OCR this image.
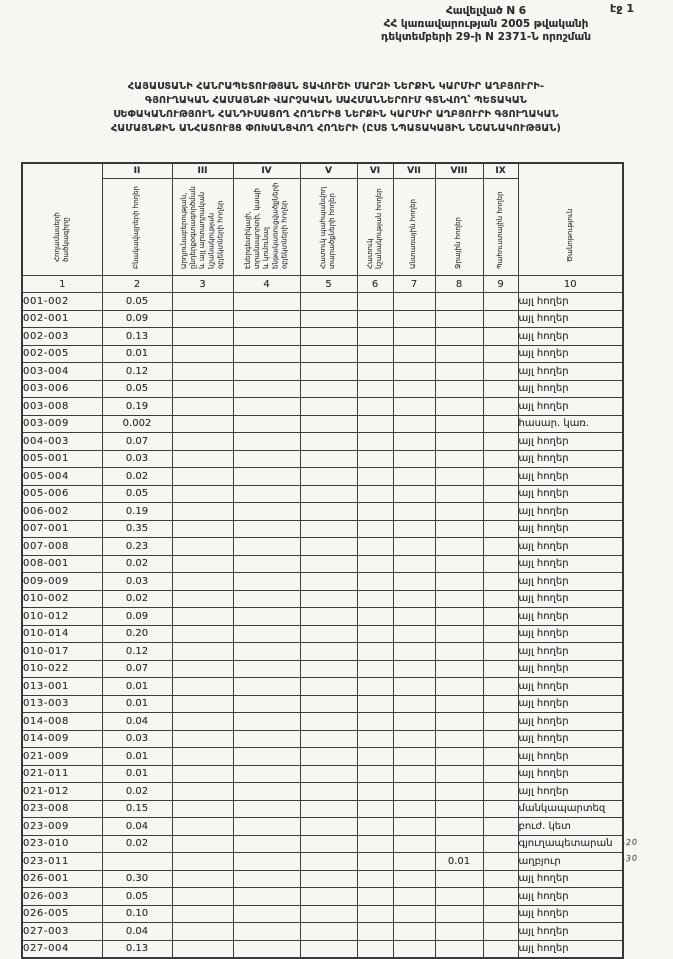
էջ 1
Հավելված N 6
ՀՀ կառավարության 2005 թվականի
դեկտեմբերի 29-ի N 2371-Ն որոշման
ՀԱՅԱՍՏԱՆԻ ՀԱՆՐԱՊԵՏՈՒԹՅԱՆ ՏԱՎՈՒՇԻ ՄԱՐԶԻ ՆԵՐՔԻՆ ԿԱՐՄԻՐ ԱՂԲՅՈՒՐԻ-
ԳՅՈՒՂԱԿԱՆ ՀԱՄԱՅՆՔԻ ՎԱՐՉԱԿԱՆ ՍԱՀՄԱՆՆԵՐՈՒՄ ԳՏՆՎՈՂ՝ ՊԵՏԱԿԱՆ
ՍԵՓԱԿԱՆՈՒԹՅՈՒՆ ՀԱՆԴԻՍԱՑՈՂ ՀՈՂԵՐԻՑ ՆԵՐՔԻՆ ԿԱՐՄԻՐ ԱՂԲՅՈՒՐԻ ԳՅՈՒՂԱԿԱՆ
ՀԱՄԱՅՆՔԻՆ ԱՆՀԱՏՈՒՅՑ ՓՈԽԱՆՑՎՈՂ ՀՈՂԵՐԻ (ԸՍՏ ՆՊԱՏԱԿԱՅԻՆ ՆՇԱՆԱԿՈՒԹՅԱՆ)
Հողամասերի ծածկագիրը	II	III	IV	V	VI	VII	VIII	IX	Ծանոթություն
	Բնակավայրերի հողեր	Արդյունաբերության, ընդերքօգտագործման և այլ արտադրական նշանակության օբյեկտների հողեր	Էներգետիկայի, տրանսպորտի, կապի և կոմունալ ենթակառուցվածքների օբյեկտների հողեր	Հատուկ պահպանվող տարածքների հողեր	Հատուկ նշանակության հողեր	Անտառային հողեր	Ջրային հողեր	Պահուստային հողեր	
1	2	3	4	5	6	7	8	9	10
001-002	0.05								այլ հողեր
002-001	0.09								այլ հողեր
002-003	0.13								այլ հողեր
002-005	0.01								այլ հողեր
003-004	0.12								այլ հողեր
003-006	0.05								այլ հողեր
003-008	0.19								այլ հողեր
003-009	0.002								հասար. կառ.
004-003	0.07								այլ հողեր
005-001	0.03								այլ հողեր
005-004	0.02								այլ հողեր
005-006	0.05								այլ հողեր
006-002	0.19								այլ հողեր
007-001	0.35								այլ հողեր
007-008	0.23								այլ հողեր
008-001	0.02								այլ հողեր
009-009	0.03								այլ հողեր
010-002	0.02								այլ հողեր
010-012	0.09								այլ հողեր
010-014	0.20								այլ հողեր
010-017	0.12								այլ հողեր
010-022	0.07								այլ հողեր
013-001	0.01								այլ հողեր
013-003	0.01								այլ հողեր
014-008	0.04								այլ հողեր
014-009	0.03								այլ հողեր
021-009	0.01								այլ հողեր
021-011	0.01								այլ հողեր
021-012	0.02								այլ հողեր
023-008	0.15								մանկապարտեզ
023-009	0.04								բուժ. կետ
023-010	0.02								գյուղապետարան
023-011							0.01		աղբյուր
026-001	0.30								այլ հողեր
026-003	0.05								այլ հողեր
026-005	0.10								այլ հողեր
027-003	0.04								այլ հողեր
027-004	0.13								այլ հողեր
-20
-30
